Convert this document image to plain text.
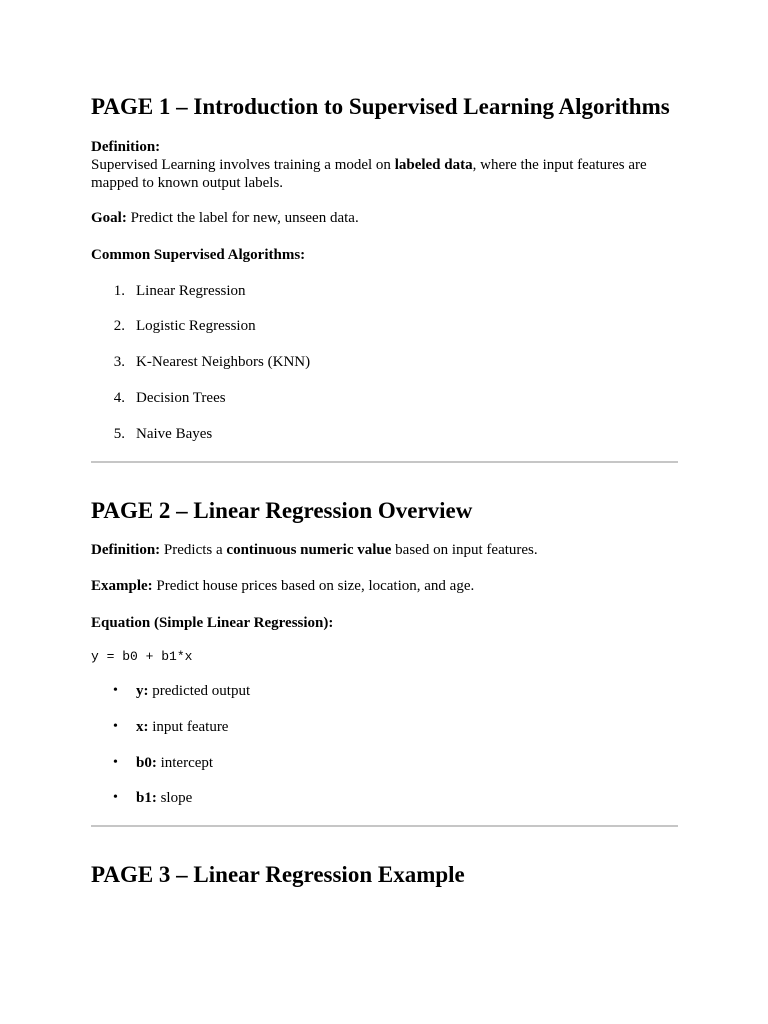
PAGE 1 – Introduction to Supervised Learning Algorithms

Definition:
Supervised Learning involves training a model on labeled data, where the input features are mapped to known output labels.

Goal: Predict the label for new, unseen data.

Common Supervised Algorithms:

1. Linear Regression
2. Logistic Regression
3. K-Nearest Neighbors (KNN)
4. Decision Trees
5. Naive Bayes
PAGE 2 – Linear Regression Overview

Definition: Predicts a continuous numeric value based on input features.

Example: Predict house prices based on size, location, and age.

Equation (Simple Linear Regression):

y = b0 + b1*x

• y: predicted output
• x: input feature
• b0: intercept
• b1: slope
PAGE 3 – Linear Regression Example
